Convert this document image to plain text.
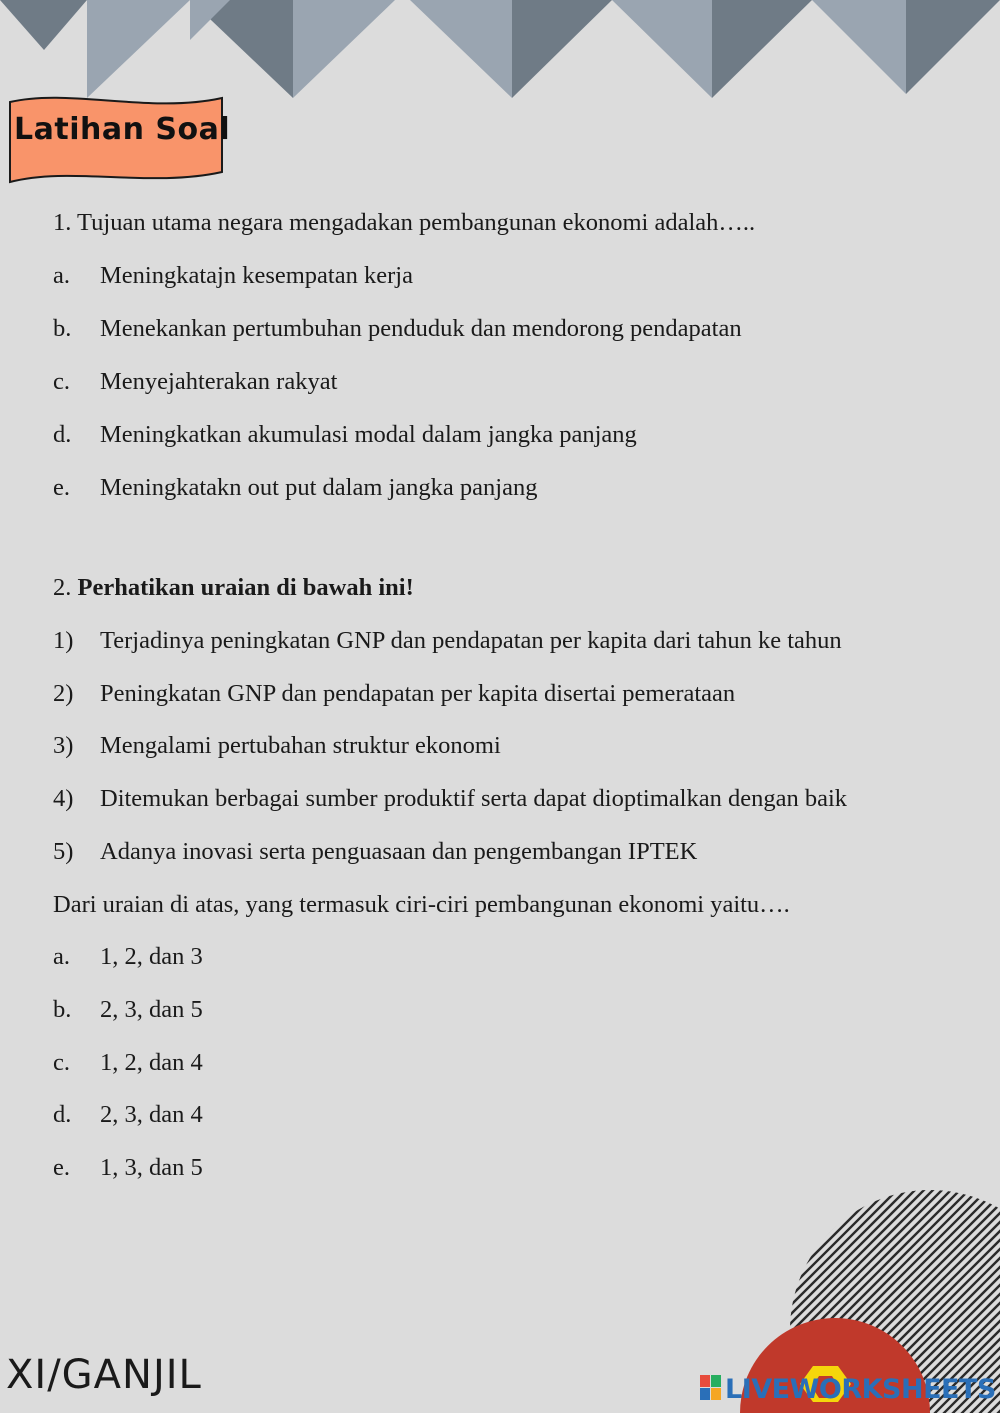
Latihan Soal
1. Tujuan utama negara mengadakan pembangunan ekonomi adalah…..
a. Meningkatajn kesempatan kerja
b. Menekankan pertumbuhan penduduk dan mendorong pendapatan
c. Menyejahterakan rakyat
d. Meningkatkan akumulasi modal dalam jangka panjang
e. Meningkatakn out put dalam jangka panjang
2. Perhatikan uraian di bawah ini!
1) Terjadinya peningkatan GNP dan pendapatan per kapita dari tahun ke tahun
2) Peningkatan GNP dan pendapatan per kapita disertai pemerataan
3) Mengalami pertubahan struktur ekonomi
4) Ditemukan berbagai sumber produktif serta dapat dioptimalkan dengan baik
5) Adanya inovasi serta penguasaan dan pengembangan IPTEK
Dari uraian di atas, yang termasuk ciri-ciri pembangunan ekonomi yaitu….
a. 1, 2, dan 3
b. 2, 3, dan 5
c. 1, 2, dan 4
d. 2, 3, dan 4
e. 1, 3, dan 5
XI/GANJIL	LIVEWORKSHEETS
